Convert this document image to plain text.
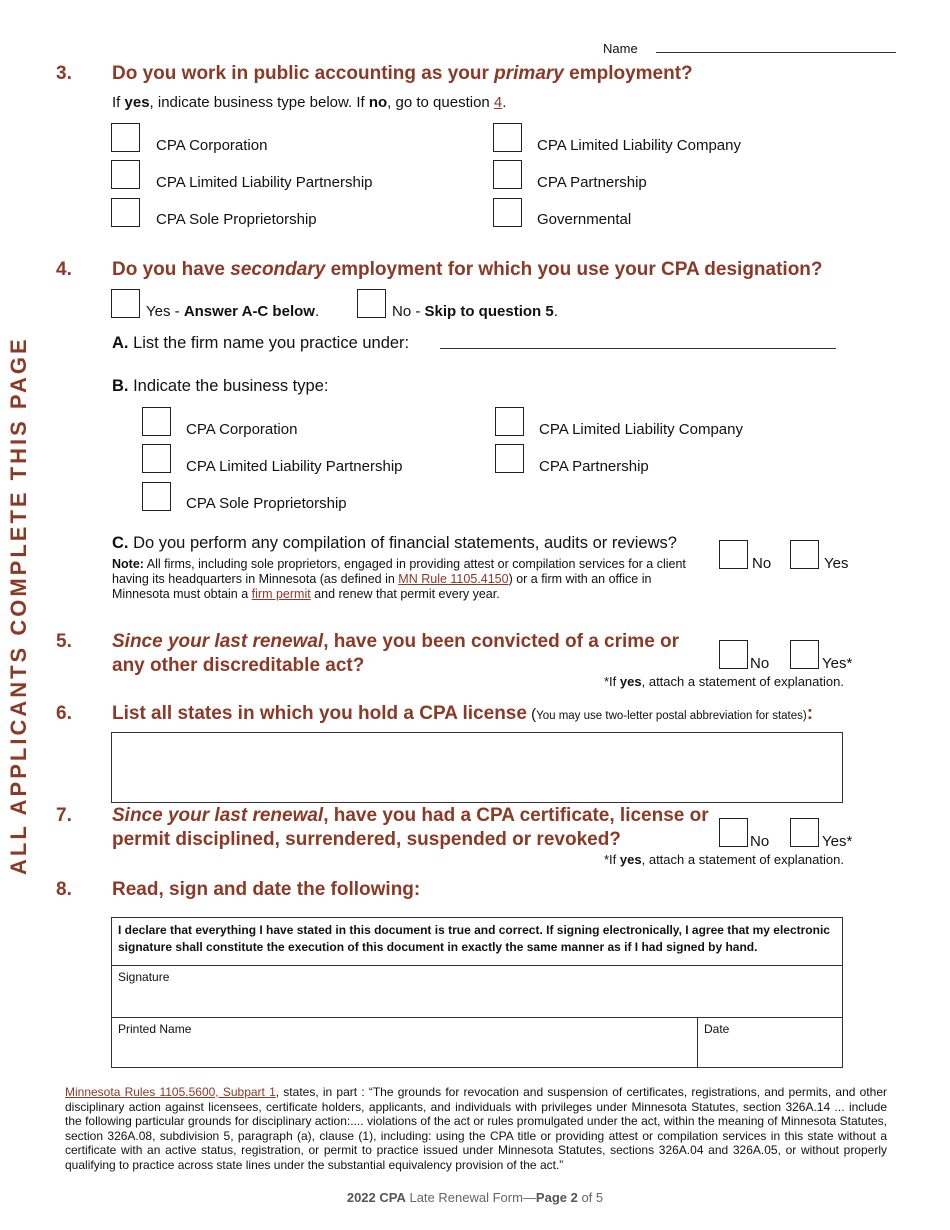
Name
ALL APPLICANTS COMPLETE THIS PAGE
3. Do you work in public accounting as your primary employment?
If yes, indicate business type below. If no, go to question 4.
CPA Corporation	CPA Limited Liability Company
CPA Limited Liability Partnership	CPA Partnership
CPA Sole Proprietorship	Governmental
4. Do you have secondary employment for which you use your CPA designation?
Yes - Answer A-C below.	No - Skip to question 5.
A. List the firm name you practice under:
B. Indicate the business type:
CPA Corporation	CPA Limited Liability Company
CPA Limited Liability Partnership	CPA Partnership
CPA Sole Proprietorship
C. Do you perform any compilation of financial statements, audits or reviews?
No	Yes
Note: All firms, including sole proprietors, engaged in providing attest or compilation services for a client having its headquarters in Minnesota (as defined in MN Rule 1105.4150) or a firm with an office in Minnesota must obtain a firm permit and renew that permit every year.
5. Since your last renewal, have you been convicted of a crime or
any other discreditable act?	No	Yes*
*If yes, attach a statement of explanation.
6. List all states in which you hold a CPA license (You may use two-letter postal abbreviation for states):
7. Since your last renewal, have you had a CPA certificate, license or
permit disciplined, surrendered, suspended or revoked?	No	Yes*
*If yes, attach a statement of explanation.
8. Read, sign and date the following:
I declare that everything I have stated in this document is true and correct. If signing electronically, I agree that my electronic signature shall constitute the execution of this document in exactly the same manner as if I had signed by hand.
Signature
Printed Name	Date
Minnesota Rules 1105.5600, Subpart 1, states, in part : “The grounds for revocation and suspension of certificates, registrations, and permits, and other disciplinary action against licensees, certificate holders, applicants, and individuals with privileges under Minnesota Statutes, section 326A.14 ... include the following particular grounds for disciplinary action:.... violations of the act or rules promulgated under the act, within the meaning of Minnesota Statutes, section 326A.08, subdivision 5, paragraph (a), clause (1), including: using the CPA title or providing attest or compilation services in this state without a certificate with an active status, registration, or permit to practice issued under Minnesota Statutes, sections 326A.04 and 326A.05, or without properly qualifying to practice across state lines under the substantial equivalency provision of the act.”
2022 CPA Late Renewal Form—Page 2 of 5
